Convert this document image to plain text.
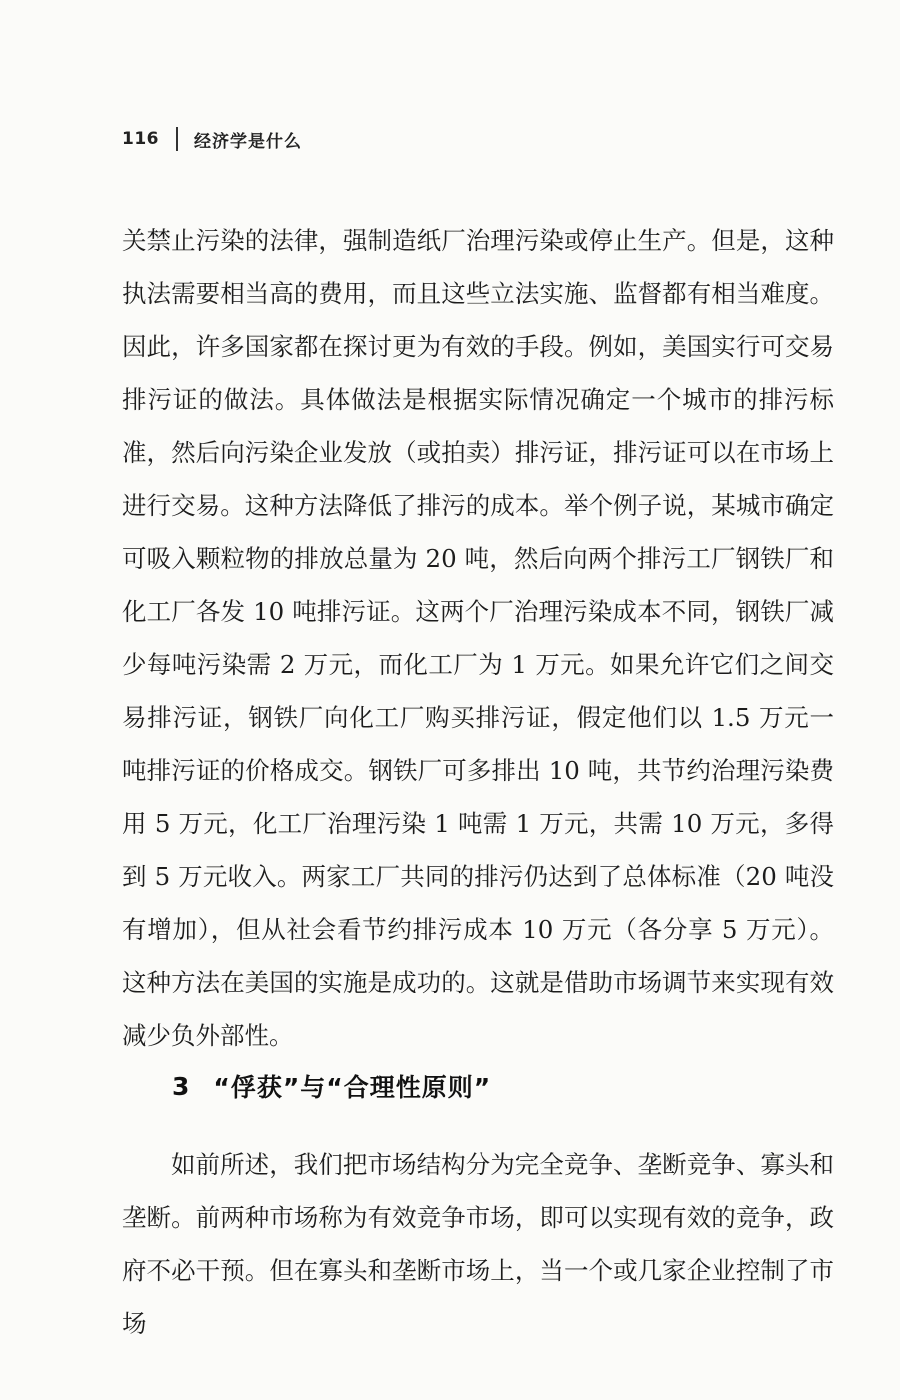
116 经济学是什么

关禁止污染的法律，强制造纸厂治理污染或停止生产。但是，这种执法需要相当高的费用，而且这些立法实施、监督都有相当难度。因此，许多国家都在探讨更为有效的手段。例如，美国实行可交易排污证的做法。具体做法是根据实际情况确定一个城市的排污标准，然后向污染企业发放（或拍卖）排污证，排污证可以在市场上进行交易。这种方法降低了排污的成本。举个例子说，某城市确定可吸入颗粒物的排放总量为 20 吨，然后向两个排污工厂钢铁厂和化工厂各发 10 吨排污证。这两个厂治理污染成本不同，钢铁厂减少每吨污染需 2 万元，而化工厂为 1 万元。如果允许它们之间交易排污证，钢铁厂向化工厂购买排污证，假定他们以 1.5 万元一吨排污证的价格成交。钢铁厂可多排出 10 吨，共节约治理污染费用 5 万元，化工厂治理污染 1 吨需 1 万元，共需 10 万元，多得到 5 万元收入。两家工厂共同的排污仍达到了总体标准（20 吨没有增加），但从社会看节约排污成本 10 万元（各分享 5 万元）。这种方法在美国的实施是成功的。这就是借助市场调节来实现有效减少负外部性。

3 “俘获”与“合理性原则”

如前所述，我们把市场结构分为完全竞争、垄断竞争、寡头和垄断。前两种市场称为有效竞争市场，即可以实现有效的竞争，政府不必干预。但在寡头和垄断市场上，当一个或几家企业控制了市场
